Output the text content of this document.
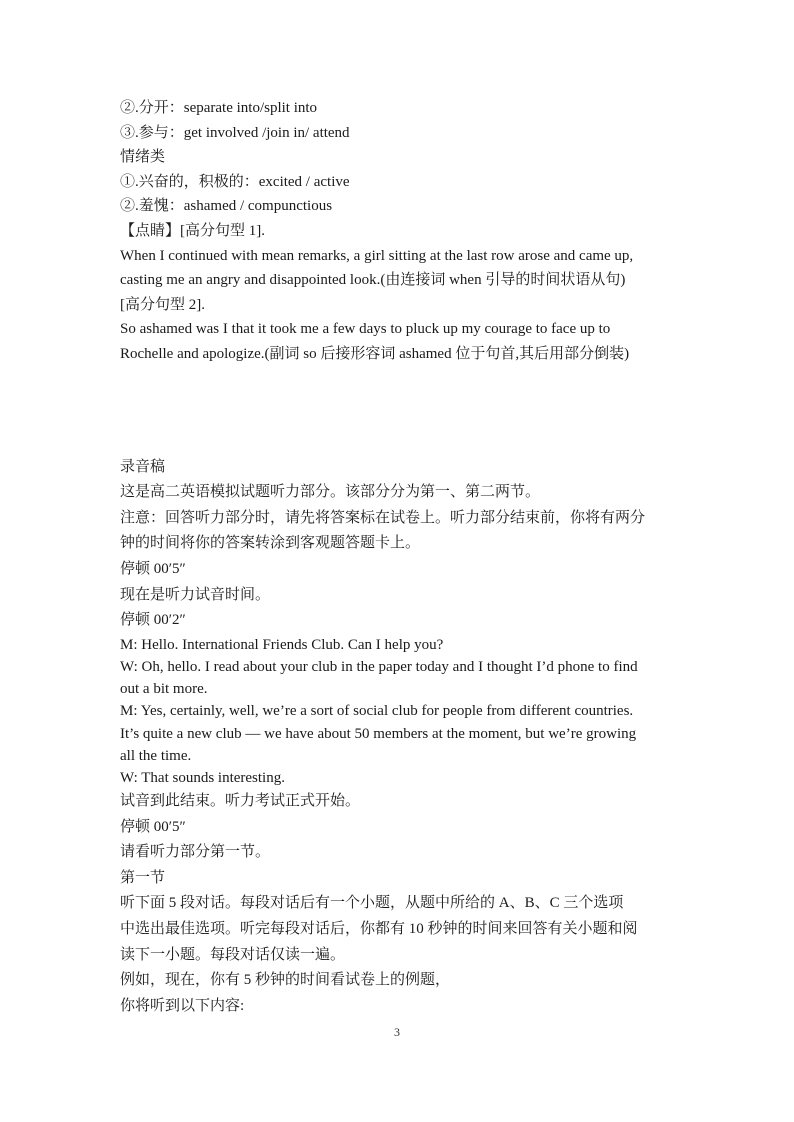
②.分开：separate into/split into
③.参与：get involved /join in/ attend
情绪类
①.兴奋的，积极的：excited / active
②.羞愧：ashamed / compunctious
【点睛】[高分句型 1].
When I continued with mean remarks, a girl sitting at the last row arose and came up,
casting me an angry and disappointed look.(由连接词 when 引导的时间状语从句)
[高分句型 2].
So ashamed was I that it took me a few days to pluck up my courage to face up to
Rochelle and apologize.(副词 so 后接形容词 ashamed 位于句首,其后用部分倒装)
录音稿
这是高二英语模拟试题听力部分。该部分分为第一、第二两节。
注意：回答听力部分时，请先将答案标在试卷上。听力部分结束前，你将有两分
钟的时间将你的答案转涂到客观题答题卡上。
停顿 00′5″
现在是听力试音时间。
停顿 00′2″
M: Hello. International Friends Club. Can I help you?
W: Oh, hello. I read about your club in the paper today and I thought I’d phone to find
out a bit more.
M: Yes, certainly, well, we’re a sort of social club for people from different countries.
It’s quite a new club — we have about 50 members at the moment, but we’re growing
all the time.
W: That sounds interesting.
试音到此结束。听力考试正式开始。
停顿 00′5″
请看听力部分第一节。
第一节
听下面 5 段对话。每段对话后有一个小题，从题中所给的 A、B、C 三个选项
中选出最佳选项。听完每段对话后，你都有 10 秒钟的时间来回答有关小题和阅
读下一小题。每段对话仅读一遍。
例如，现在，你有 5 秒钟的时间看试卷上的例题，
你将听到以下内容:
3
